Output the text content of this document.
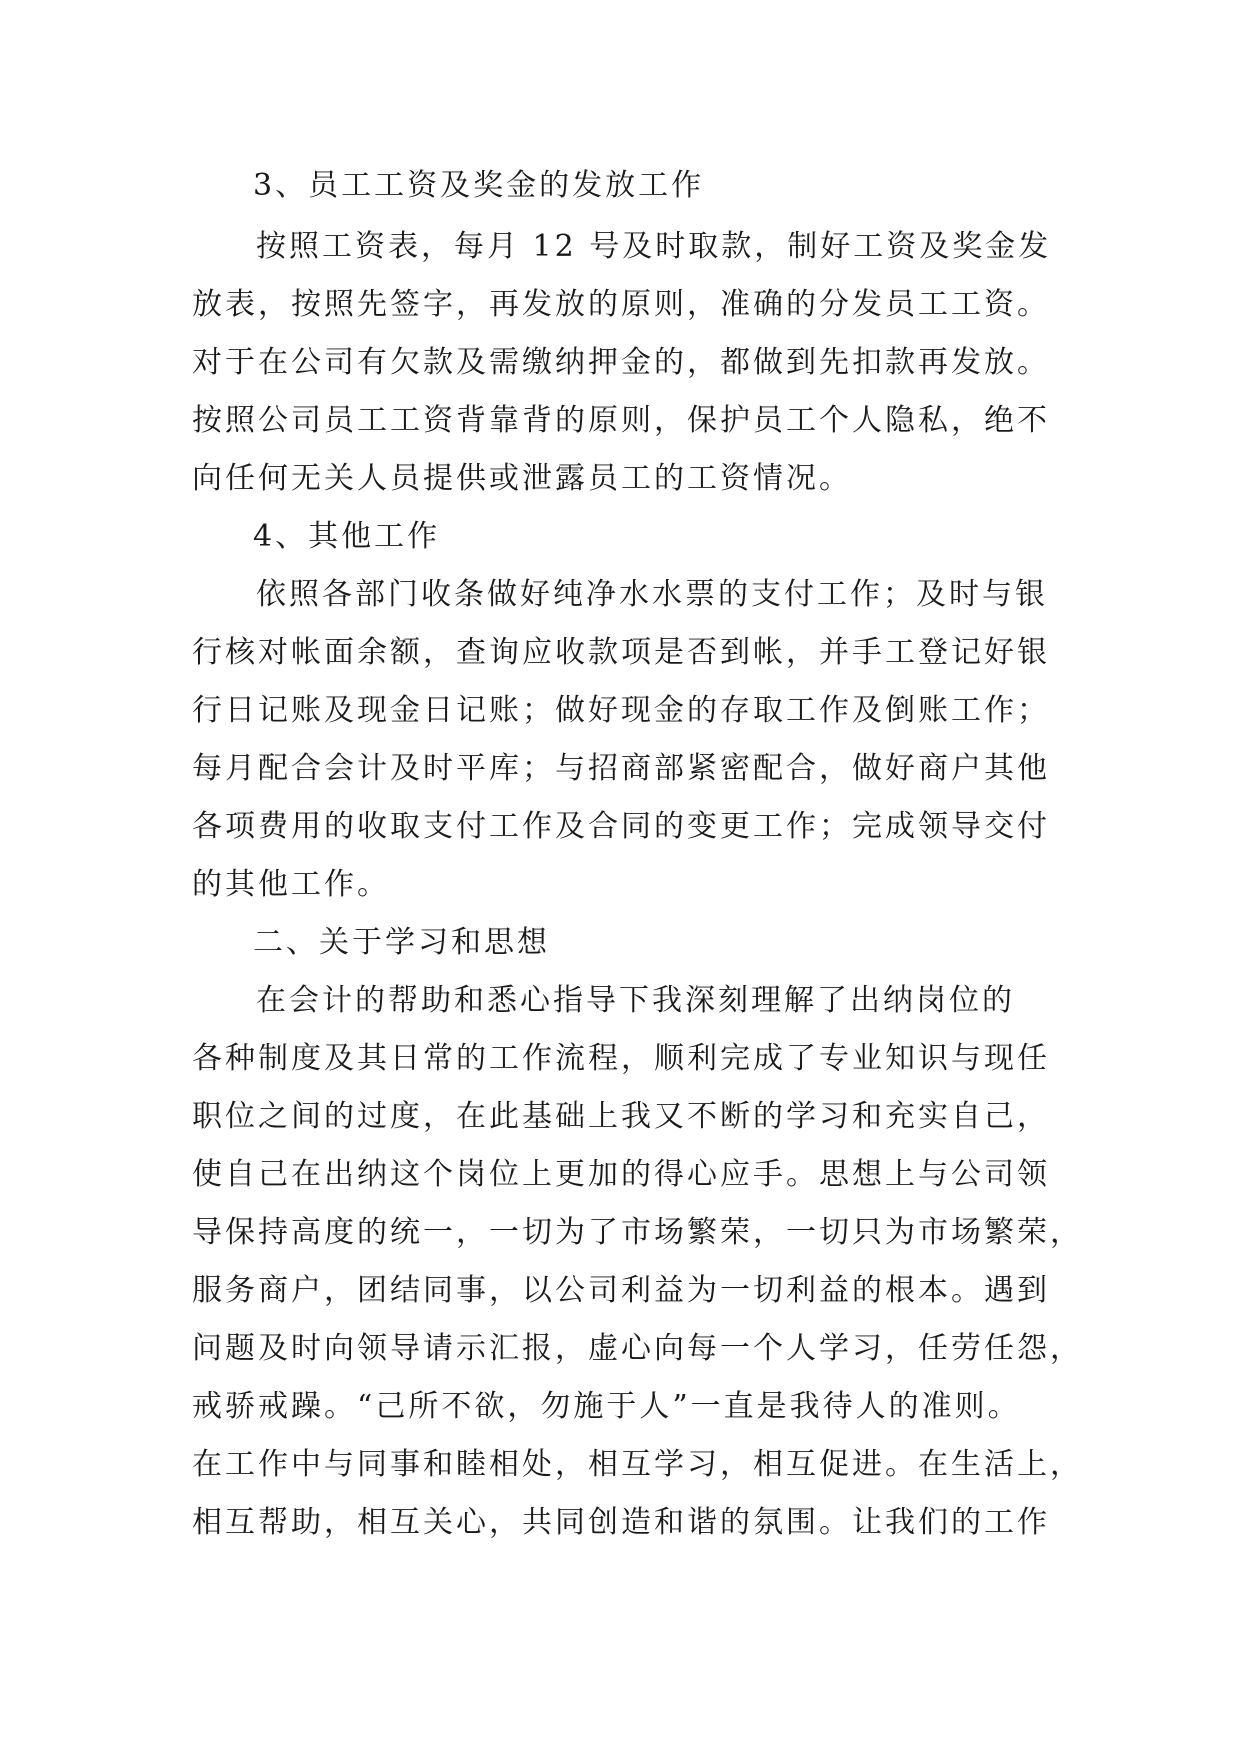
3、员工工资及奖金的发放工作
按照工资表，每月 12 号及时取款，制好工资及奖金发
放表，按照先签字，再发放的原则，准确的分发员工工资。
对于在公司有欠款及需缴纳押金的，都做到先扣款再发放。
按照公司员工工资背靠背的原则，保护员工个人隐私，绝不
向任何无关人员提供或泄露员工的工资情况。
4、其他工作
依照各部门收条做好纯净水水票的支付工作；及时与银
行核对帐面余额，查询应收款项是否到帐，并手工登记好银
行日记账及现金日记账；做好现金的存取工作及倒账工作；
每月配合会计及时平库；与招商部紧密配合，做好商户其他
各项费用的收取支付工作及合同的变更工作；完成领导交付
的其他工作。
二、关于学习和思想
在会计的帮助和悉心指导下我深刻理解了出纳岗位的
各种制度及其日常的工作流程，顺利完成了专业知识与现任
职位之间的过度，在此基础上我又不断的学习和充实自己，
使自己在出纳这个岗位上更加的得心应手。思想上与公司领
导保持高度的统一，一切为了市场繁荣，一切只为市场繁荣，
服务商户，团结同事，以公司利益为一切利益的根本。遇到
问题及时向领导请示汇报，虚心向每一个人学习，任劳任怨，
戒骄戒躁。“己所不欲，勿施于人”一直是我待人的准则。
在工作中与同事和睦相处，相互学习，相互促进。在生活上，
相互帮助，相互关心，共同创造和谐的氛围。让我们的工作
